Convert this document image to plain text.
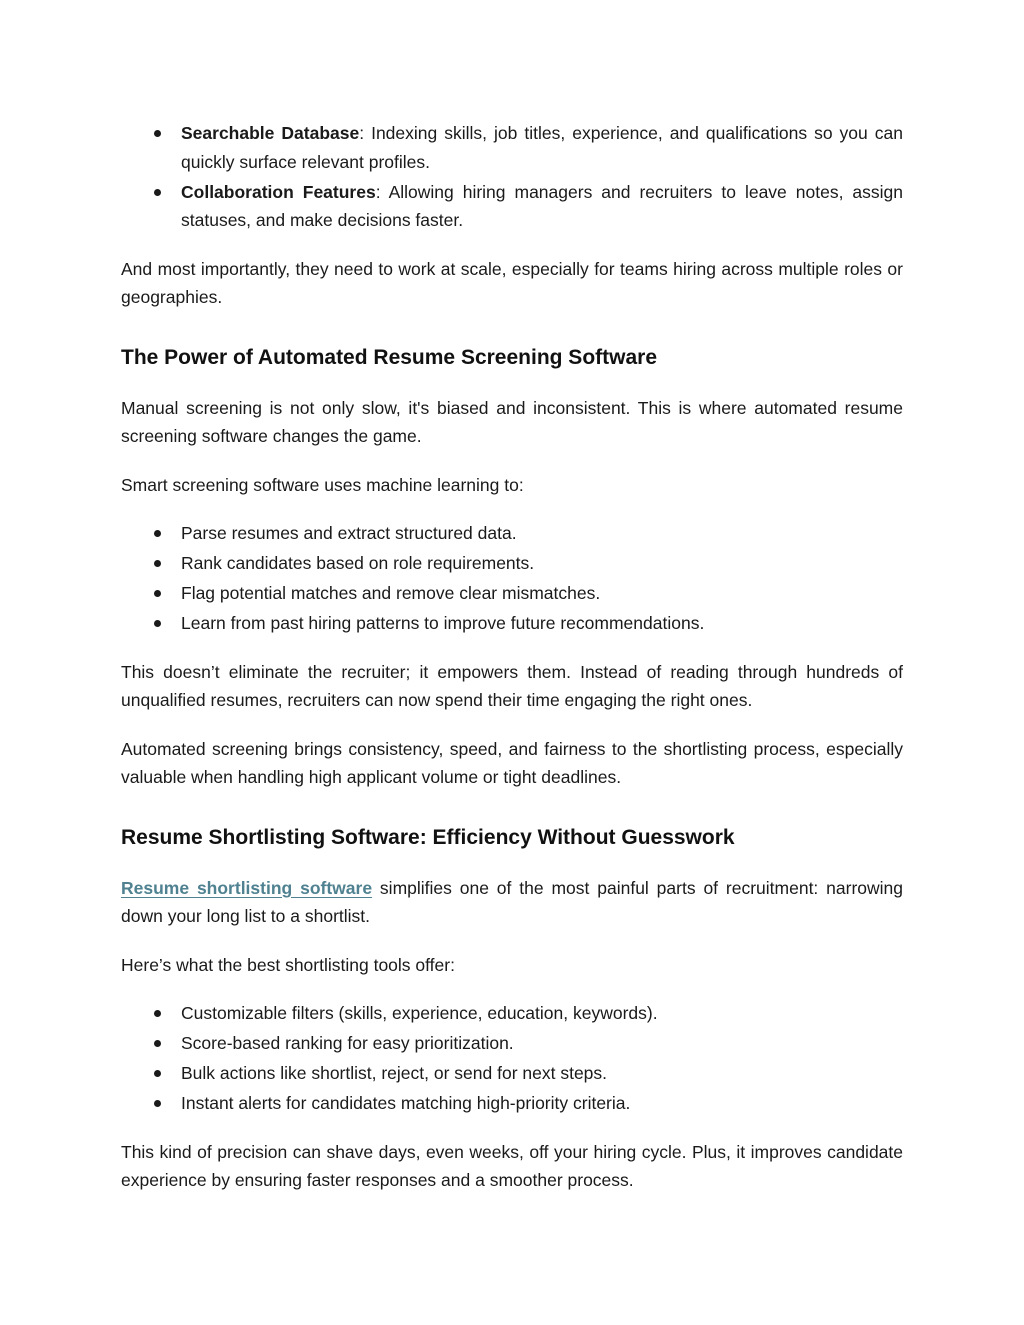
Searchable Database: Indexing skills, job titles, experience, and qualifications so you can quickly surface relevant profiles.
Collaboration Features: Allowing hiring managers and recruiters to leave notes, assign statuses, and make decisions faster.

And most importantly, they need to work at scale, especially for teams hiring across multiple roles or geographies.

The Power of Automated Resume Screening Software

Manual screening is not only slow, it's biased and inconsistent. This is where automated resume screening software changes the game.

Smart screening software uses machine learning to:

Parse resumes and extract structured data.
Rank candidates based on role requirements.
Flag potential matches and remove clear mismatches.
Learn from past hiring patterns to improve future recommendations.

This doesn’t eliminate the recruiter; it empowers them. Instead of reading through hundreds of unqualified resumes, recruiters can now spend their time engaging the right ones.

Automated screening brings consistency, speed, and fairness to the shortlisting process, especially valuable when handling high applicant volume or tight deadlines.

Resume Shortlisting Software: Efficiency Without Guesswork

Resume shortlisting software simplifies one of the most painful parts of recruitment: narrowing down your long list to a shortlist.

Here’s what the best shortlisting tools offer:

Customizable filters (skills, experience, education, keywords).
Score-based ranking for easy prioritization.
Bulk actions like shortlist, reject, or send for next steps.
Instant alerts for candidates matching high-priority criteria.

This kind of precision can shave days, even weeks, off your hiring cycle. Plus, it improves candidate experience by ensuring faster responses and a smoother process.
